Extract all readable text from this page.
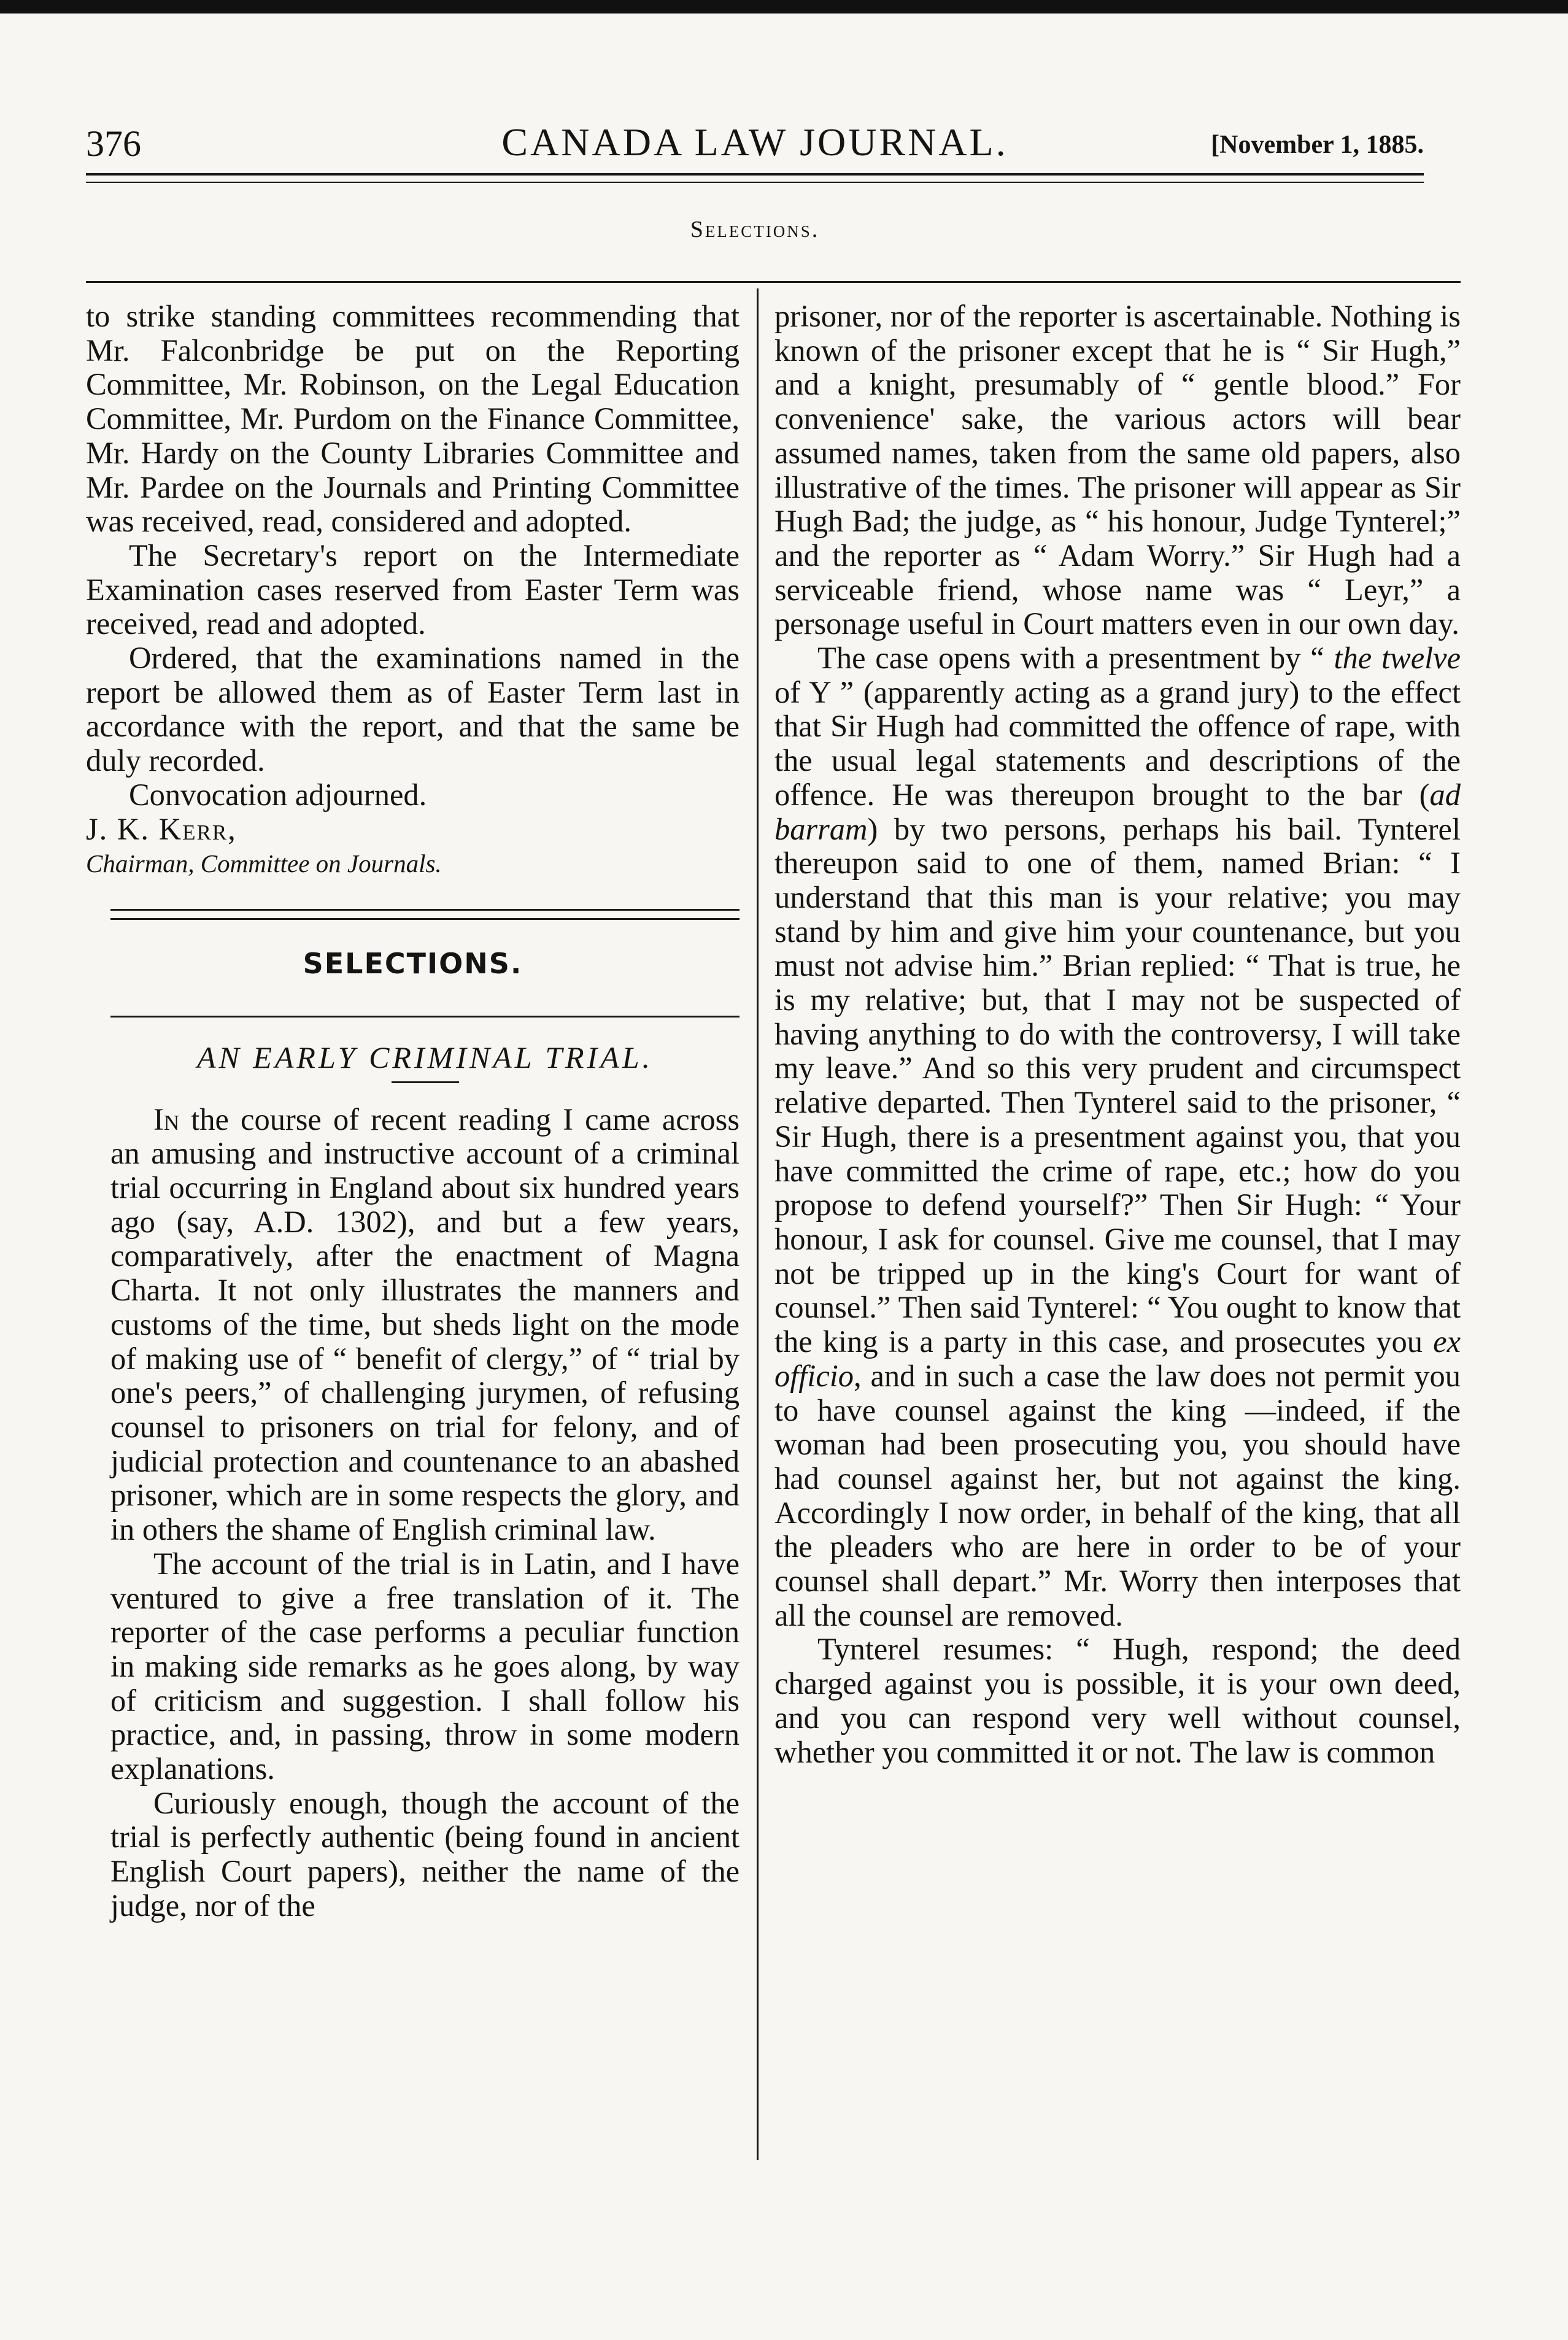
CANADA LAW JOURNAL.
376	[November 1, 1885.
Selections.

to strike standing committees recommending that Mr. Falconbridge be put on the Reporting Committee, Mr. Robinson, on the Legal Education Committee, Mr. Purdom on the Finance Committee, Mr. Hardy on the County Libraries Committee and Mr. Pardee on the Journals and Printing Committee was received, read, considered and adopted.

The Secretary's report on the Intermediate Examination cases reserved from Easter Term was received, read and adopted.

Ordered, that the examinations named in the report be allowed them as of Easter Term last in accordance with the report, and that the same be duly recorded.

Convocation adjourned.

J. K. Kerr,

Chairman, Committee on Journals.

SELECTIONS.
AN EARLY CRIMINAL TRIAL.

In the course of recent reading I came across an amusing and instructive account of a criminal trial occurring in England about six hundred years ago (say, A.D. 1302), and but a few years, comparatively, after the enactment of Magna Charta. It not only illustrates the manners and customs of the time, but sheds light on the mode of making use of “ benefit of clergy,” of “ trial by one's peers,” of challenging jurymen, of refusing counsel to prisoners on trial for felony, and of judicial protection and countenance to an abashed prisoner, which are in some respects the glory, and in others the shame of English criminal law.

The account of the trial is in Latin, and I have ventured to give a free translation of it. The reporter of the case performs a peculiar function in making side remarks as he goes along, by way of criticism and suggestion. I shall follow his practice, and, in passing, throw in some modern explanations.

Curiously enough, though the account of the trial is perfectly authentic (being found in ancient English Court papers), neither the name of the judge, nor of the

prisoner, nor of the reporter is ascertainable. Nothing is known of the prisoner except that he is “ Sir Hugh,” and a knight, presumably of “ gentle blood.” For convenience' sake, the various actors will bear assumed names, taken from the same old papers, also illustrative of the times. The prisoner will appear as Sir Hugh Bad; the judge, as “ his honour, Judge Tynterel;” and the reporter as “ Adam Worry.” Sir Hugh had a serviceable friend, whose name was “ Leyr,” a personage useful in Court matters even in our own day.

The case opens with a presentment by “ the twelve of Y ” (apparently acting as a grand jury) to the effect that Sir Hugh had committed the offence of rape, with the usual legal statements and descriptions of the offence. He was thereupon brought to the bar (ad barram) by two persons, perhaps his bail. Tynterel thereupon said to one of them, named Brian: “ I understand that this man is your relative; you may stand by him and give him your countenance, but you must not advise him.” Brian replied: “ That is true, he is my relative; but, that I may not be suspected of having anything to do with the controversy, I will take my leave.” And so this very prudent and circumspect relative departed. Then Tynterel said to the prisoner, “ Sir Hugh, there is a presentment against you, that you have committed the crime of rape, etc.; how do you propose to defend yourself?” Then Sir Hugh: “ Your honour, I ask for counsel. Give me counsel, that I may not be tripped up in the king's Court for want of counsel.” Then said Tynterel: “ You ought to know that the king is a party in this case, and prosecutes you ex officio, and in such a case the law does not permit you to have counsel against the king —indeed, if the woman had been prosecuting you, you should have had counsel against her, but not against the king. Accordingly I now order, in behalf of the king, that all the pleaders who are here in order to be of your counsel shall depart.” Mr. Worry then interposes that all the counsel are removed.

Tynterel resumes: “ Hugh, respond; the deed charged against you is possible, it is your own deed, and you can respond very well without counsel, whether you committed it or not. The law is common
